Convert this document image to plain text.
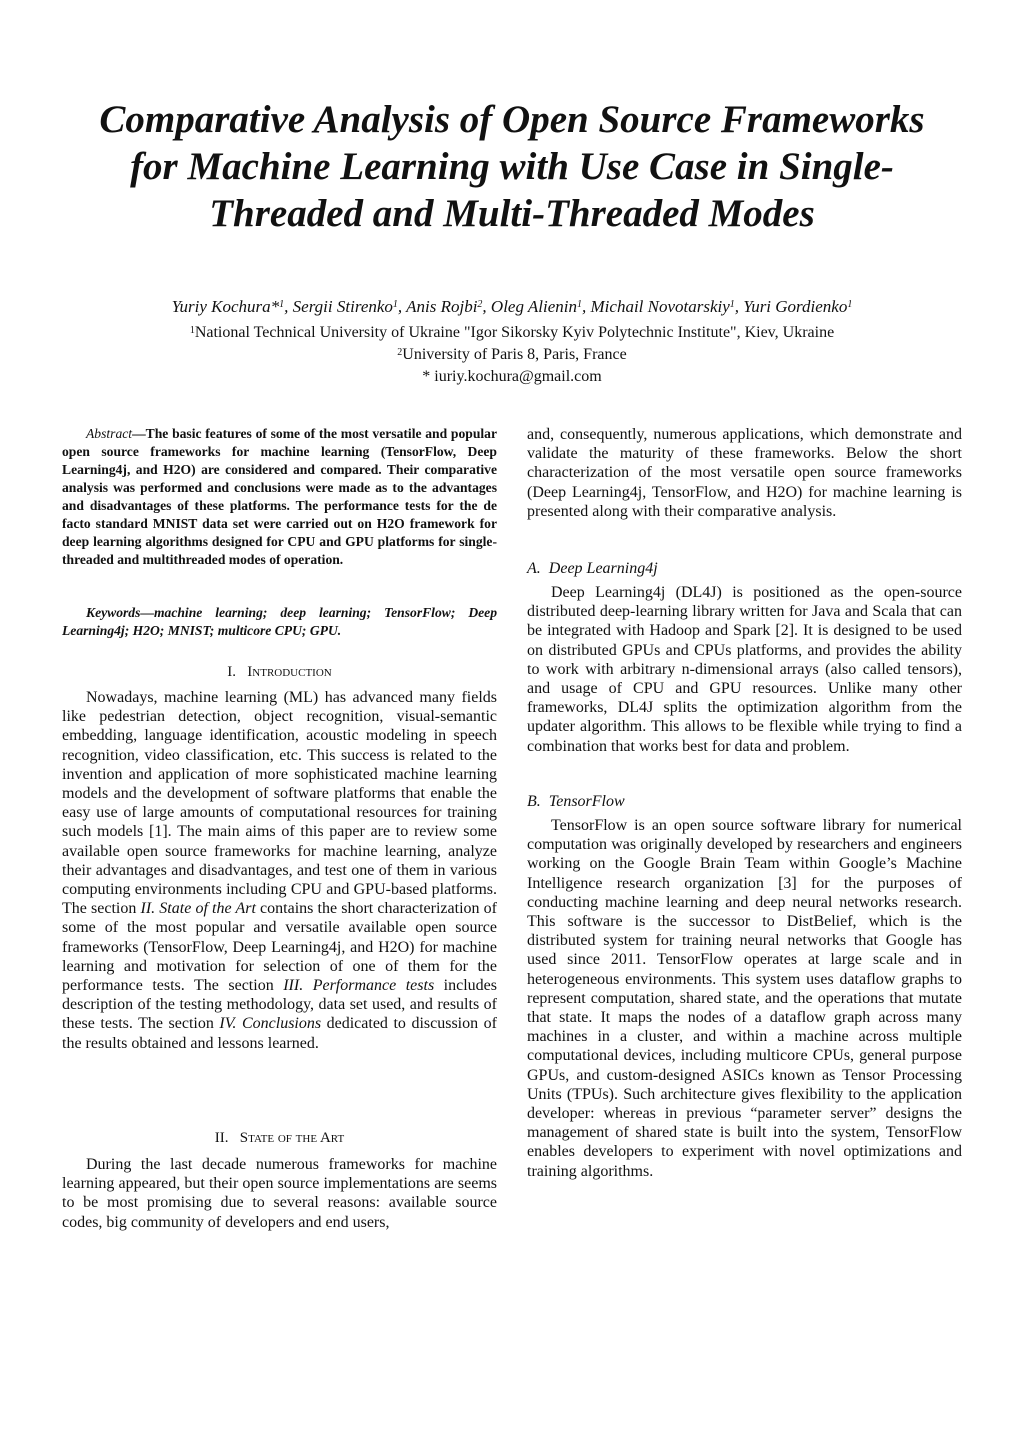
Comparative Analysis of Open Source Frameworks
for Machine Learning with Use Case in Single-
Threaded and Multi-Threaded Modes
Yuriy Kochura*$^1$, Sergii Stirenko$^1$, Anis Rojbi$^2$, Oleg Alienin$^1$, Michail Novotarskiy$^1$, Yuri Gordienko$^1$
$^1$National Technical University of Ukraine "Igor Sikorsky Kyiv Polytechnic Institute", Kiev, Ukraine
$^2$University of Paris 8, Paris, France
* iuriy.kochura@gmail.com
Abstract—The basic features of some of the most versatile and popular open source frameworks for machine learning (TensorFlow, Deep Learning4j, and H2O) are considered and compared. Their comparative analysis was performed and conclusions were made as to the advantages and disadvantages of these platforms. The performance tests for the de facto standard MNIST data set were carried out on H2O framework for deep learning algorithms designed for CPU and GPU platforms for single-threaded and multithreaded modes of operation.
Keywords—machine learning; deep learning; TensorFlow; Deep Learning4j; H2O; MNIST; multicore CPU; GPU.
I. Introduction

Nowadays, machine learning (ML) has advanced many fields like pedestrian detection, object recognition, visual-semantic embedding, language identification, acoustic modeling in speech recognition, video classification, etc. This success is related to the invention and application of more sophisticated machine learning models and the development of software platforms that enable the easy use of large amounts of computational resources for training such models [1]. The main aims of this paper are to review some available open source frameworks for machine learning, analyze their advantages and disadvantages, and test one of them in various computing environments including CPU and GPU-based platforms. The section II. State of the Art contains the short characterization of some of the most popular and versatile available open source frameworks (TensorFlow, Deep Learning4j, and H2O) for machine learning and motivation for selection of one of them for the performance tests. The section III. Performance tests includes description of the testing methodology, data set used, and results of these tests. The section IV. Conclusions dedicated to discussion of the results obtained and lessons learned.

II. State of the Art

During the last decade numerous frameworks for machine learning appeared, but their open source implementations are seems to be most promising due to several reasons: available source codes, big community of developers and end users,

and, consequently, numerous applications, which demonstrate and validate the maturity of these frameworks. Below the short characterization of the most versatile open source frameworks (Deep Learning4j, TensorFlow, and H2O) for machine learning is presented along with their comparative analysis.

A. Deep Learning4j

Deep Learning4j (DL4J) is positioned as the open-source distributed deep-learning library written for Java and Scala that can be integrated with Hadoop and Spark [2]. It is designed to be used on distributed GPUs and CPUs platforms, and provides the ability to work with arbitrary n-dimensional arrays (also called tensors), and usage of CPU and GPU resources. Unlike many other frameworks, DL4J splits the optimization algorithm from the updater algorithm. This allows to be flexible while trying to find a combination that works best for data and problem.

B. TensorFlow

TensorFlow is an open source software library for numerical computation was originally developed by researchers and engineers working on the Google Brain Team within Google’s Machine Intelligence research organization [3] for the purposes of conducting machine learning and deep neural networks research. This software is the successor to DistBelief, which is the distributed system for training neural networks that Google has used since 2011. TensorFlow operates at large scale and in heterogeneous environments. This system uses dataflow graphs to represent computation, shared state, and the operations that mutate that state. It maps the nodes of a dataflow graph across many machines in a cluster, and within a machine across multiple computational devices, including multicore CPUs, general purpose GPUs, and custom-designed ASICs known as Tensor Processing Units (TPUs). Such architecture gives flexibility to the application developer: whereas in previous “parameter server” designs the management of shared state is built into the system, TensorFlow enables developers to experiment with novel optimizations and training algorithms.
